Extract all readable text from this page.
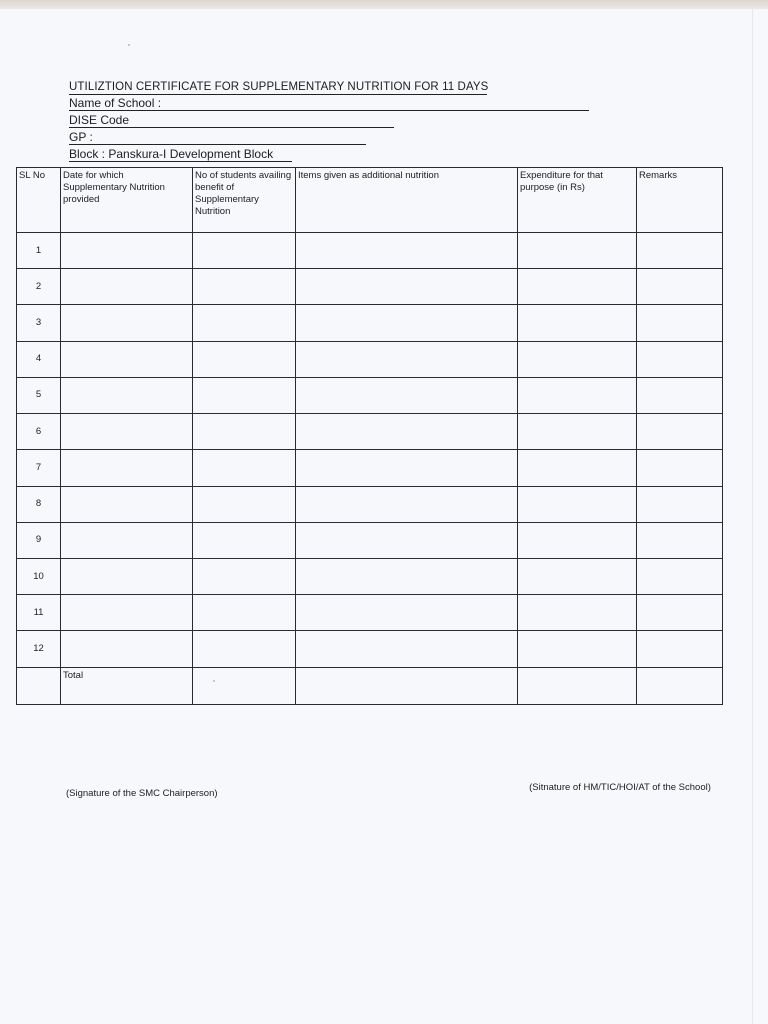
UTILIZTION CERTIFICATE FOR SUPPLEMENTARY NUTRITION FOR 11 DAYS
Name of School :
DISE Code
GP :
Block : Panskura-I Development Block
SL No	Date for which Supplementary Nutrition provided	No of students availing benefit of Supplementary Nutrition	Items given as additional nutrition	Expenditure for that purpose (in Rs)	Remarks
1					
2					
3					
4					
5					
6					
7					
8					
9					
10					
11					
12					
	Total	

(Signature of the SMC Chairperson)
(Sitnature of HM/TIC/HOI/AT of the School)
